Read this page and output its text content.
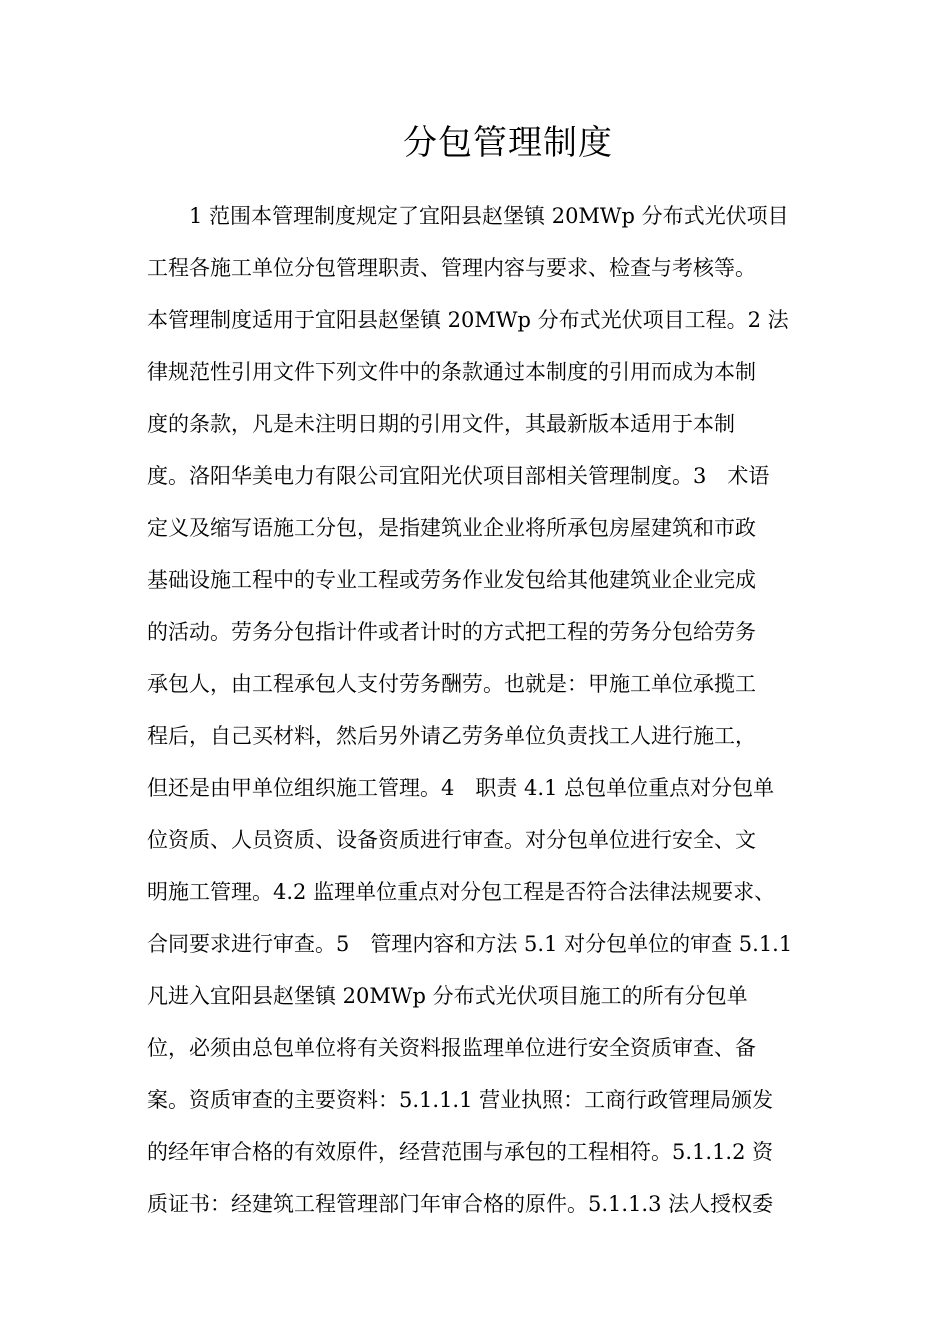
分包管理制度
　　1 范围本管理制度规定了宜阳县赵堡镇 20MWp 分布式光伏项目
工程各施工单位分包管理职责、管理内容与要求、检查与考核等。
本管理制度适用于宜阳县赵堡镇 20MWp 分布式光伏项目工程。2 法
律规范性引用文件下列文件中的条款通过本制度的引用而成为本制
度的条款，凡是未注明日期的引用文件，其最新版本适用于本制
度。洛阳华美电力有限公司宜阳光伏项目部相关管理制度。3　术语
定义及缩写语施工分包，是指建筑业企业将所承包房屋建筑和市政
基础设施工程中的专业工程或劳务作业发包给其他建筑业企业完成
的活动。劳务分包指计件或者计时的方式把工程的劳务分包给劳务
承包人，由工程承包人支付劳务酬劳。也就是：甲施工单位承揽工
程后，自己买材料，然后另外请乙劳务单位负责找工人进行施工，
但还是由甲单位组织施工管理。4　职责 4.1 总包单位重点对分包单
位资质、人员资质、设备资质进行审查。对分包单位进行安全、文
明施工管理。4.2 监理单位重点对分包工程是否符合法律法规要求、
合同要求进行审查。5　管理内容和方法 5.1 对分包单位的审查 5.1.1
凡进入宜阳县赵堡镇 20MWp 分布式光伏项目施工的所有分包单
位，必须由总包单位将有关资料报监理单位进行安全资质审查、备
案。资质审查的主要资料：5.1.1.1 营业执照：工商行政管理局颁发
的经年审合格的有效原件，经营范围与承包的工程相符。5.1.1.2 资
质证书：经建筑工程管理部门年审合格的原件。5.1.1.3 法人授权委
